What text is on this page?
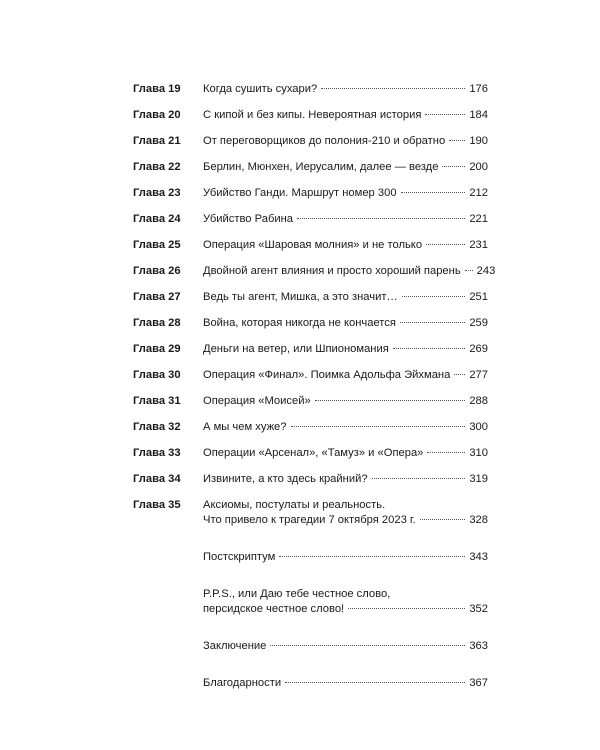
Глава 19	Когда сушить сухари?	176
Глава 20	С кипой и без кипы. Невероятная история	184
Глава 21	От переговорщиков до полония-210 и обратно 190
Глава 22	Берлин, Мюнхен, Иерусалим, далее — везде	200
Глава 23	Убийство Ганди. Маршрут номер 300	212
Глава 24	Убийство Рабина	221
Глава 25	Операция «Шаровая молния» и не только	231
Глава 26	Двойной агент влияния и просто хороший парень 243
Глава 27	Ведь ты агент, Мишка, а это значит…	251
Глава 28	Война, которая никогда не кончается	259
Глава 29	Деньги на ветер, или Шпиономания	269
Глава 30	Операция «Финал». Поимка Адольфа Эйхмана 277
Глава 31	Операция «Моисей»	288
Глава 32	А мы чем хуже?	300
Глава 33	Операции «Арсенал», «Тамуз» и «Опера»	310
Глава 34	Извините, а кто здесь крайний?	319
Глава 35	Аксиомы, постулаты и реальность.
Что привело к трагедии 7 октября 2023 г.	328
Постскриптум	343
P.P.S., или Даю тебе честное слово,
персидское честное слово!	352
Заключение	363
Благодарности	367
